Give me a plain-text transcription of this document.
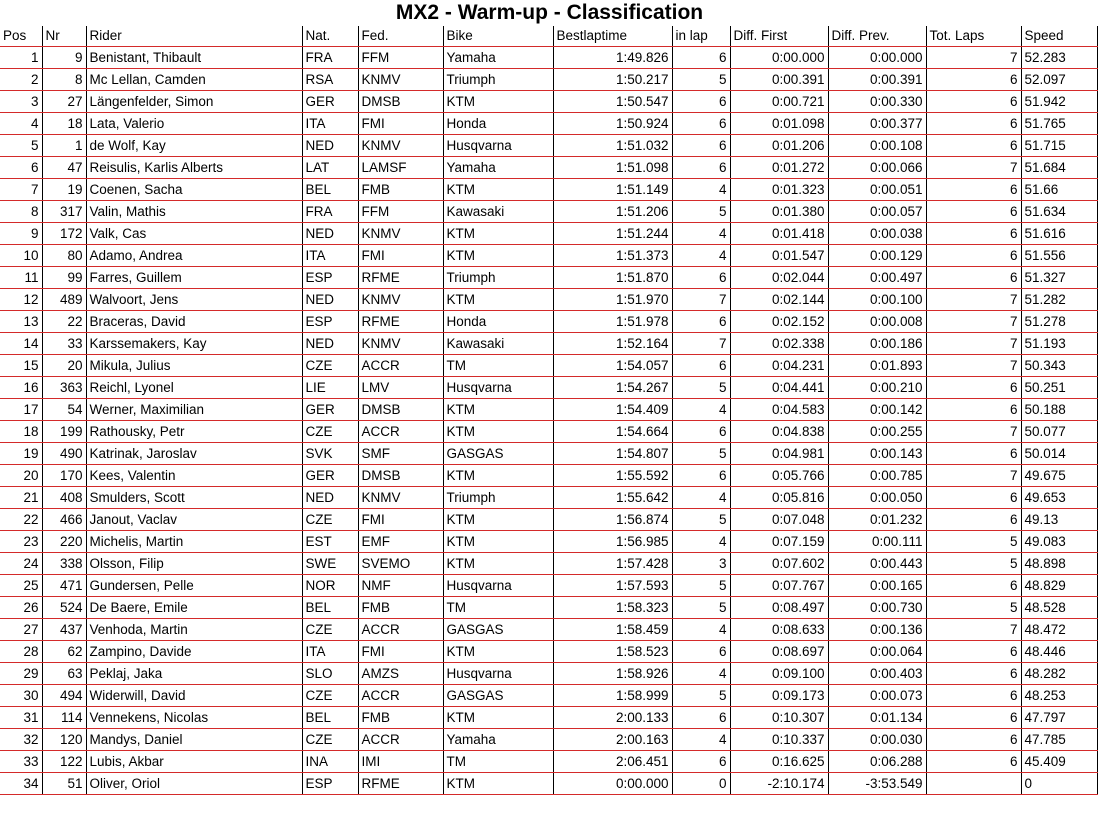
MX2 - Warm-up - Classification
Pos	Nr	Rider	Nat.	Fed.	Bike	Bestlaptime	in lap	Diff. First	Diff. Prev.	Tot. Laps	Speed
1	9	Benistant, Thibault	FRA	FFM	Yamaha	1:49.826	6	0:00.000	0:00.000	7	52.283
2	8	Mc Lellan, Camden	RSA	KNMV	Triumph	1:50.217	5	0:00.391	0:00.391	6	52.097
3	27	Längenfelder, Simon	GER	DMSB	KTM	1:50.547	6	0:00.721	0:00.330	6	51.942
4	18	Lata, Valerio	ITA	FMI	Honda	1:50.924	6	0:01.098	0:00.377	6	51.765
5	1	de Wolf, Kay	NED	KNMV	Husqvarna	1:51.032	6	0:01.206	0:00.108	6	51.715
6	47	Reisulis, Karlis Alberts	LAT	LAMSF	Yamaha	1:51.098	6	0:01.272	0:00.066	7	51.684
7	19	Coenen, Sacha	BEL	FMB	KTM	1:51.149	4	0:01.323	0:00.051	6	51.66
8	317	Valin, Mathis	FRA	FFM	Kawasaki	1:51.206	5	0:01.380	0:00.057	6	51.634
9	172	Valk, Cas	NED	KNMV	KTM	1:51.244	4	0:01.418	0:00.038	6	51.616
10	80	Adamo, Andrea	ITA	FMI	KTM	1:51.373	4	0:01.547	0:00.129	6	51.556
11	99	Farres, Guillem	ESP	RFME	Triumph	1:51.870	6	0:02.044	0:00.497	6	51.327
12	489	Walvoort, Jens	NED	KNMV	KTM	1:51.970	7	0:02.144	0:00.100	7	51.282
13	22	Braceras, David	ESP	RFME	Honda	1:51.978	6	0:02.152	0:00.008	7	51.278
14	33	Karssemakers, Kay	NED	KNMV	Kawasaki	1:52.164	7	0:02.338	0:00.186	7	51.193
15	20	Mikula, Julius	CZE	ACCR	TM	1:54.057	6	0:04.231	0:01.893	7	50.343
16	363	Reichl, Lyonel	LIE	LMV	Husqvarna	1:54.267	5	0:04.441	0:00.210	6	50.251
17	54	Werner, Maximilian	GER	DMSB	KTM	1:54.409	4	0:04.583	0:00.142	6	50.188
18	199	Rathousky, Petr	CZE	ACCR	KTM	1:54.664	6	0:04.838	0:00.255	7	50.077
19	490	Katrinak, Jaroslav	SVK	SMF	GASGAS	1:54.807	5	0:04.981	0:00.143	6	50.014
20	170	Kees, Valentin	GER	DMSB	KTM	1:55.592	6	0:05.766	0:00.785	7	49.675
21	408	Smulders, Scott	NED	KNMV	Triumph	1:55.642	4	0:05.816	0:00.050	6	49.653
22	466	Janout, Vaclav	CZE	FMI	KTM	1:56.874	5	0:07.048	0:01.232	6	49.13
23	220	Michelis, Martin	EST	EMF	KTM	1:56.985	4	0:07.159	0:00.111	5	49.083
24	338	Olsson, Filip	SWE	SVEMO	KTM	1:57.428	3	0:07.602	0:00.443	5	48.898
25	471	Gundersen, Pelle	NOR	NMF	Husqvarna	1:57.593	5	0:07.767	0:00.165	6	48.829
26	524	De Baere, Emile	BEL	FMB	TM	1:58.323	5	0:08.497	0:00.730	5	48.528
27	437	Venhoda, Martin	CZE	ACCR	GASGAS	1:58.459	4	0:08.633	0:00.136	7	48.472
28	62	Zampino, Davide	ITA	FMI	KTM	1:58.523	6	0:08.697	0:00.064	6	48.446
29	63	Peklaj, Jaka	SLO	AMZS	Husqvarna	1:58.926	4	0:09.100	0:00.403	6	48.282
30	494	Widerwill, David	CZE	ACCR	GASGAS	1:58.999	5	0:09.173	0:00.073	6	48.253
31	114	Vennekens, Nicolas	BEL	FMB	KTM	2:00.133	6	0:10.307	0:01.134	6	47.797
32	120	Mandys, Daniel	CZE	ACCR	Yamaha	2:00.163	4	0:10.337	0:00.030	6	47.785
33	122	Lubis, Akbar	INA	IMI	TM	2:06.451	6	0:16.625	0:06.288	6	45.409
34	51	Oliver, Oriol	ESP	RFME	KTM	0:00.000	0	-2:10.174	-3:53.549		0
